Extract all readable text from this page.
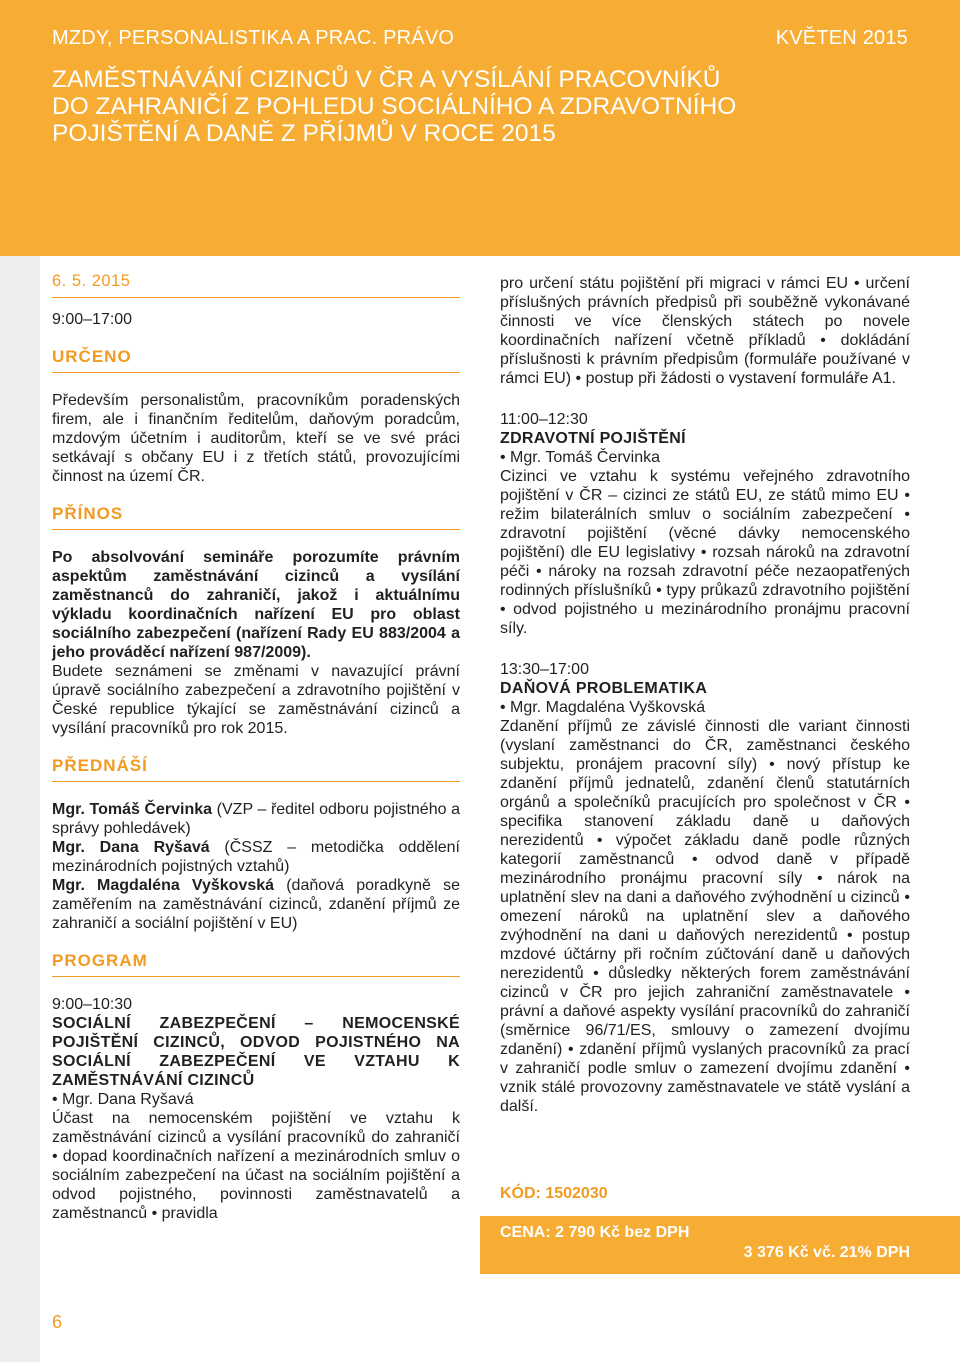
MZDY, PERSONALISTIKA A PRAC. PRÁVO	KVĚTEN 2015
ZAMĚSTNÁVÁNÍ CIZINCŮ V ČR A VYSÍLÁNÍ PRACOVNÍKŮ
DO ZAHRANIČÍ Z POHLEDU SOCIÁLNÍHO A ZDRAVOTNÍHO
POJIŠTĚNÍ A DANĚ Z PŘÍJMŮ V ROCE 2015
6. 5. 2015
9:00–17:00
URČENO

Především personalistům, pracovníkům poradenských firem, ale i finančním ředitelům, daňovým poradcům, mzdovým účetním i auditorům, kteří se ve své práci setkávají s občany EU i z třetích států, provozujícími činnost na území ČR.

PŘÍNOS

Po absolvování semináře porozumíte právním aspektům zaměstnávání cizinců a vysílání zaměstnanců do zahraničí, jakož i aktuálnímu výkladu koordinačních nařízení EU pro oblast sociálního zabezpečení (nařízení Rady EU 883/2004 a jeho prováděcí nařízení 987/2009).

Budete seznámeni se změnami v navazující právní úpravě sociálního zabezpečení a zdravotního pojištění v České republice týkající se zaměstnávání cizinců a vysílání pracovníků pro rok 2015.

PŘEDNÁŠÍ

Mgr. Tomáš Červinka (VZP – ředitel odboru pojistného a správy pohledávek)

Mgr. Dana Ryšavá (ČSSZ – metodička oddělení mezinárodních pojistných vztahů)

Mgr. Magdaléna Vyškovská (daňová poradkyně se zaměřením na zaměstnávání cizinců, zdanění příjmů ze zahraničí a sociální pojištění v EU)

PROGRAM
9:00–10:30

SOCIÁLNÍ ZABEZPEČENÍ – NEMOCENSKÉ POJIŠTĚNÍ CIZINCŮ, ODVOD POJISTNÉHO NA SOCIÁLNÍ ZABEZPEČENÍ VE VZTAHU K ZAMĚSTNÁVÁNÍ CIZINCŮ

• Mgr. Dana Ryšavá

Účast na nemocenském pojištění ve vztahu k zaměstnávání cizinců a vysílání pracovníků do zahraničí • dopad koordinačních nařízení a mezinárodních smluv o sociálním zabezpečení na účast na sociálním pojištění a odvod pojistného, povinnosti zaměstnavatelů a zaměstnanců • pravidla

pro určení státu pojištění při migraci v rámci EU • určení příslušných právních předpisů při souběžně vykonávané činnosti ve více členských státech po novele koordinačních nařízení včetně příkladů • dokládání příslušnosti k právním předpisům (formuláře používané v rámci EU) • postup při žádosti o vystavení formuláře A1.

11:00–12:30
ZDRAVOTNÍ POJIŠTĚNÍ
• Mgr. Tomáš Červinka

Cizinci ve vztahu k systému veřejného zdravotního pojištění v ČR – cizinci ze států EU, ze států mimo EU • režim bilaterálních smluv o sociálním zabezpečení • zdravotní pojištění (věcné dávky nemocenského pojištění) dle EU legislativy • rozsah nároků na zdravotní péči • nároky na rozsah zdravotní péče nezaopatřených rodinných příslušníků • typy průkazů zdravotního pojištění • odvod pojistného u mezinárodního pronájmu pracovní síly.

13:30–17:00
DAŇOVÁ PROBLEMATIKA
• Mgr. Magdaléna Vyškovská

Zdanění příjmů ze závislé činnosti dle variant činnosti (vyslaní zaměstnanci do ČR, zaměstnanci českého subjektu, pronájem pracovní síly) • nový přístup ke zdanění příjmů jednatelů, zdanění členů statutárních orgánů a společníků pracujících pro společnost v ČR • specifika stanovení základu daně u daňových nerezidentů • výpočet základu daně podle různých kategorií zaměstnanců • odvod daně v případě mezinárodního pronájmu pracovní síly • nárok na uplatnění slev na dani a daňového zvýhodnění u cizinců • omezení nároků na uplatnění slev a daňového zvýhodnění na dani u daňových nerezidentů • postup mzdové účtárny při ročním zúčtování daně u daňových nerezidentů • důsledky některých forem zaměstnávání cizinců v ČR pro jejich zahraniční zaměstnavatele • právní a daňové aspekty vysílání pracovníků do zahraničí (směrnice 96/71/ES, smlouvy o zamezení dvojímu zdanění) • zdanění příjmů vyslaných pracovníků za prací v zahraničí podle smluv o zamezení dvojímu zdanění • vznik stálé provozovny zaměstnavatele ve státě vyslání a další.

KÓD: 1502030
CENA: 2 790 Kč bez DPH
3 376 Kč vč. 21% DPH
6
